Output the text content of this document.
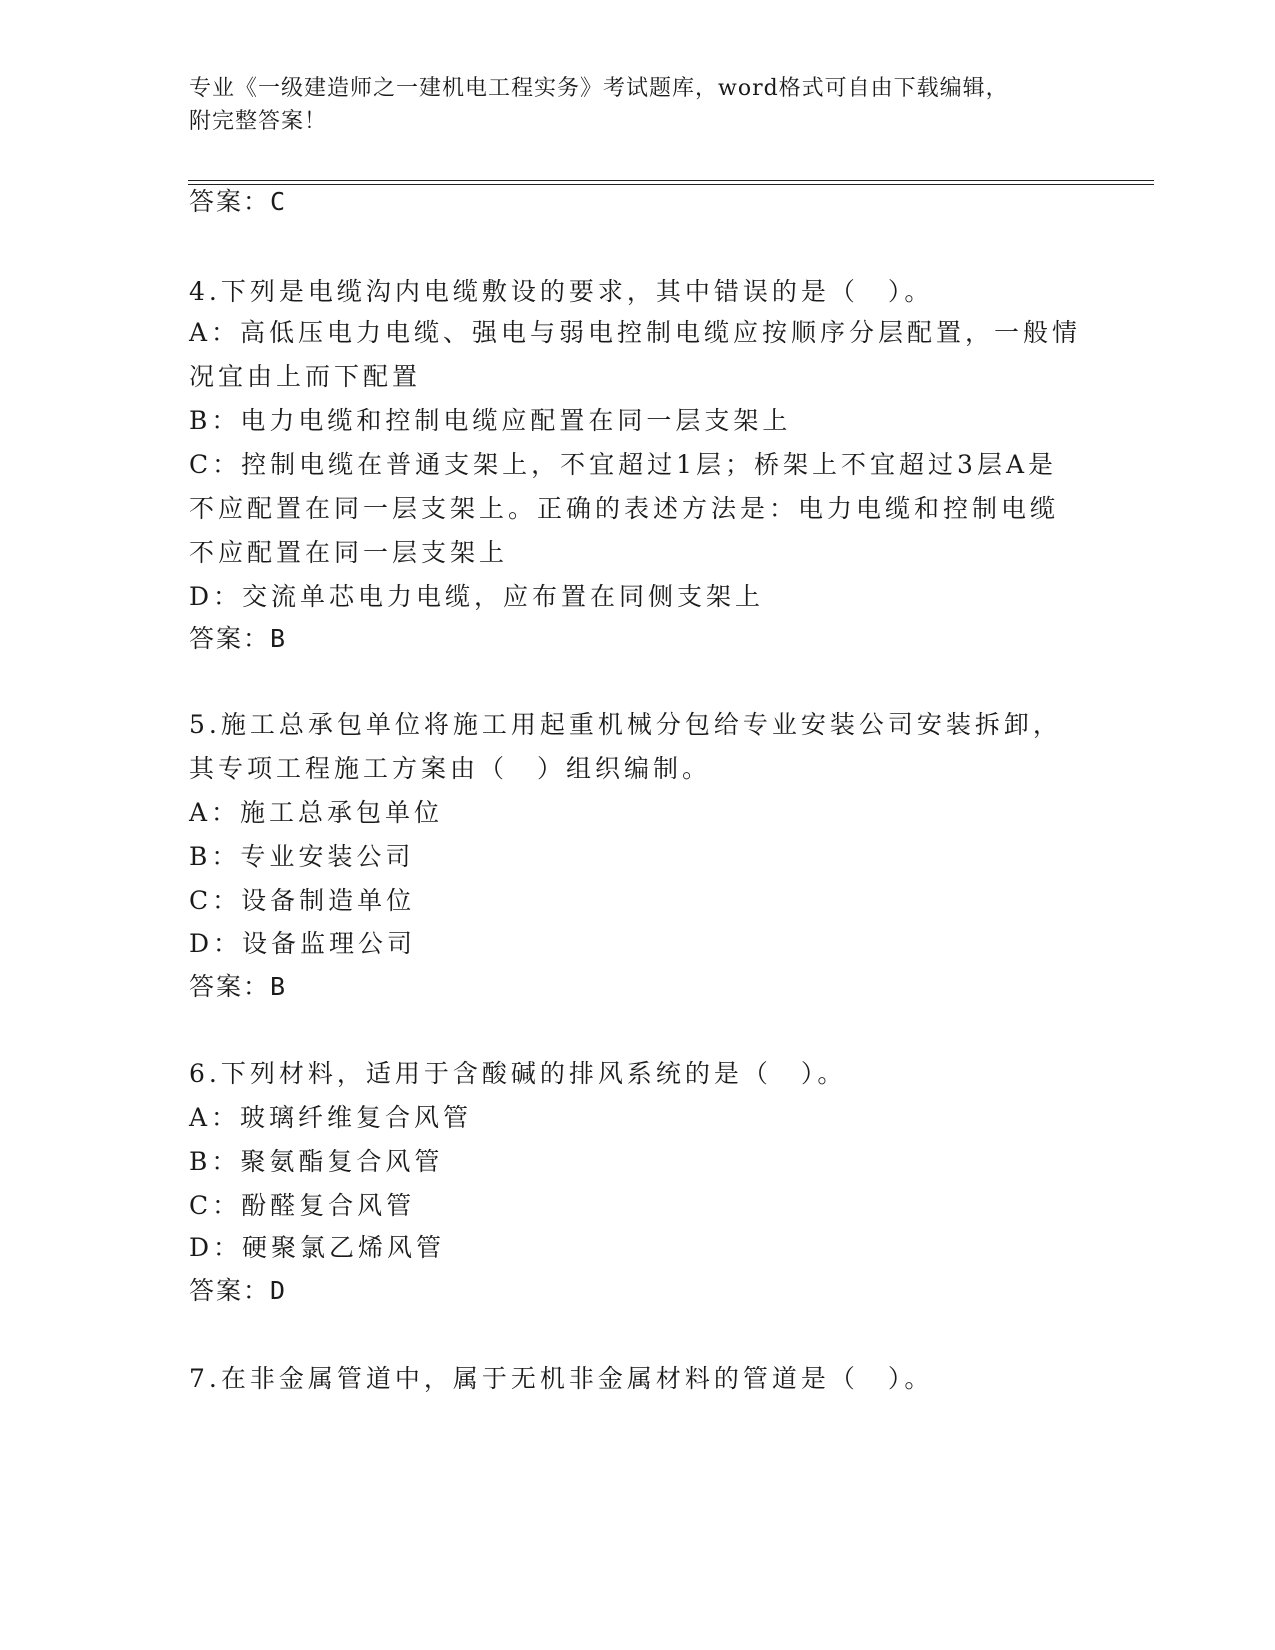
专业《一级建造师之一建机电工程实务》考试题库，word格式可自由下载编辑，
附完整答案！
答案：C
4.下列是电缆沟内电缆敷设的要求，其中错误的是（　）。
A：高低压电力电缆、强电与弱电控制电缆应按顺序分层配置，一般情
况宜由上而下配置
B：电力电缆和控制电缆应配置在同一层支架上
C：控制电缆在普通支架上，不宜超过1层；桥架上不宜超过3层A是
不应配置在同一层支架上。正确的表述方法是：电力电缆和控制电缆
不应配置在同一层支架上
D：交流单芯电力电缆，应布置在同侧支架上
答案：B
5.施工总承包单位将施工用起重机械分包给专业安装公司安装拆卸，
其专项工程施工方案由（　）组织编制。
A：施工总承包单位
B：专业安装公司
C：设备制造单位
D：设备监理公司
答案：B
6.下列材料，适用于含酸碱的排风系统的是（　）。
A：玻璃纤维复合风管
B：聚氨酯复合风管
C：酚醛复合风管
D：硬聚氯乙烯风管
答案：D
7.在非金属管道中，属于无机非金属材料的管道是（　）。
